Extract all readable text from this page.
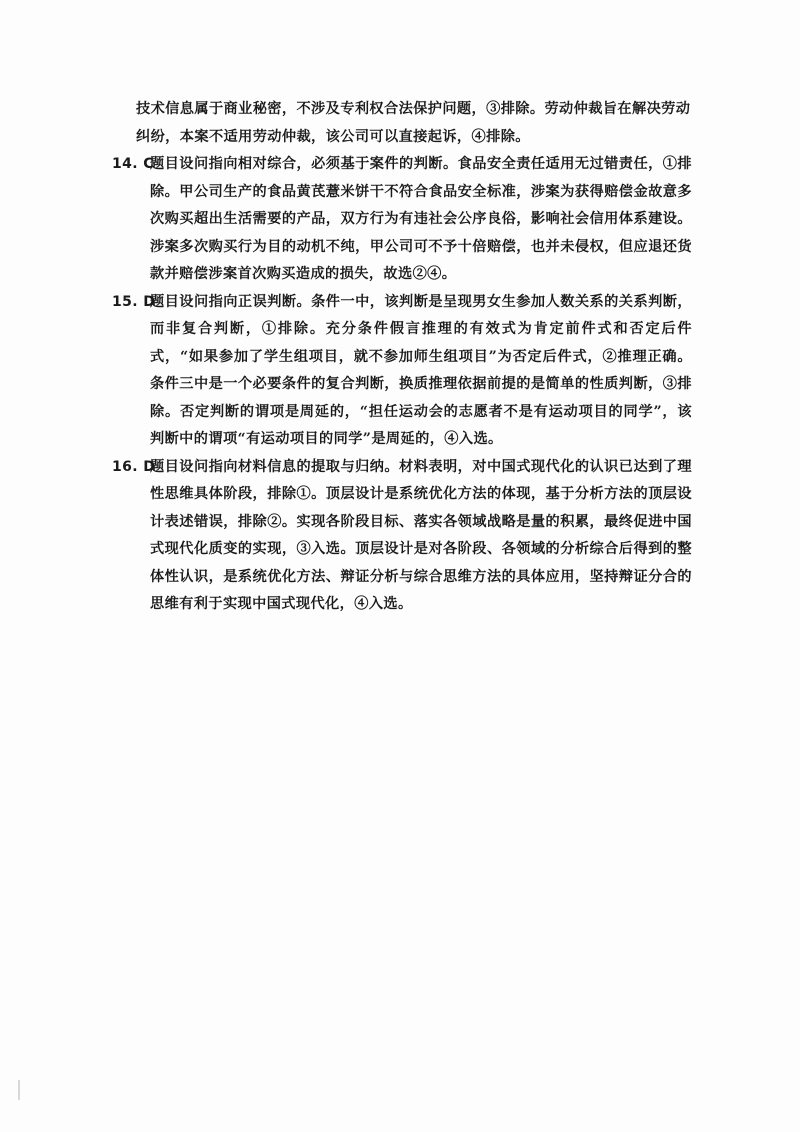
技术信息属于商业秘密，不涉及专利权合法保护问题，③排除。劳动仲裁旨在解决劳动纠纷，本案不适用劳动仲裁，该公司可以直接起诉，④排除。

14. C
题目设问指向相对综合，必须基于案件的判断。食品安全责任适用无过错责任，①排除。甲公司生产的食品黄芪薏米饼干不符合食品安全标准，涉案为获得赔偿金故意多次购买超出生活需要的产品，双方行为有违社会公序良俗，影响社会信用体系建设。涉案多次购买行为目的动机不纯，甲公司可不予十倍赔偿，也并未侵权，但应退还货款并赔偿涉案首次购买造成的损失，故选②④。
15. D
题目设问指向正误判断。条件一中，该判断是呈现男女生参加人数关系的关系判断，而非复合判断，①排除。充分条件假言推理的有效式为肯定前件式和否定后件式，“如果参加了学生组项目，就不参加师生组项目”为否定后件式，②推理正确。条件三中是一个必要条件的复合判断，换质推理依据前提的是简单的性质判断，③排除。否定判断的谓项是周延的，“担任运动会的志愿者不是有运动项目的同学”，该判断中的谓项“有运动项目的同学”是周延的，④入选。
16. D
题目设问指向材料信息的提取与归纳。材料表明，对中国式现代化的认识已达到了理性思维具体阶段，排除①。顶层设计是系统优化方法的体现，基于分析方法的顶层设计表述错误，排除②。实现各阶段目标、落实各领域战略是量的积累，最终促进中国式现代化质变的实现，③入选。顶层设计是对各阶段、各领域的分析综合后得到的整体性认识，是系统优化方法、辩证分析与综合思维方法的具体应用，坚持辩证分合的思维有利于实现中国式现代化，④入选。
